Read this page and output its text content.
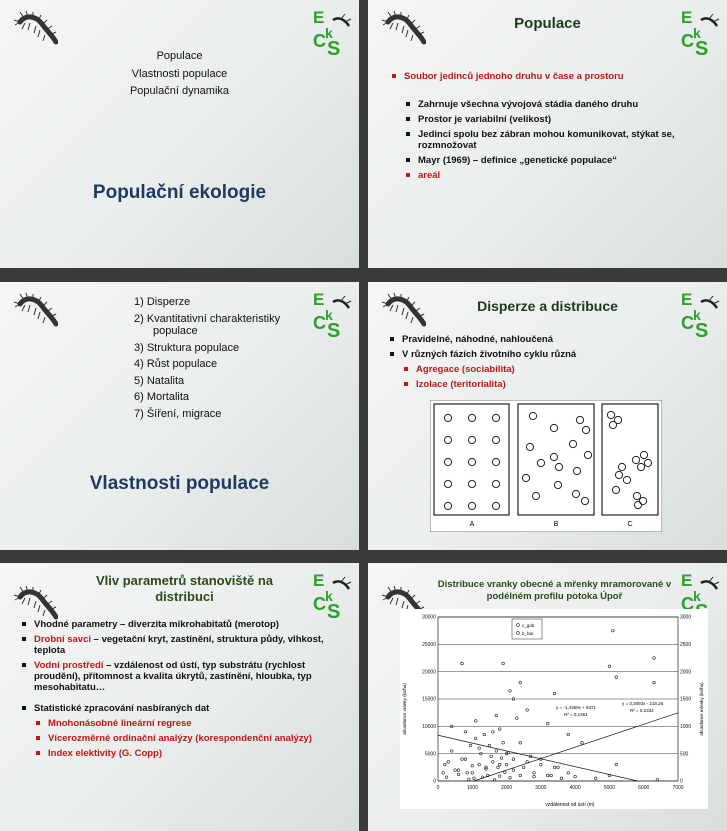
Populace
Vlastnosti populace
Populační dynamika
Populační ekologie
Populace
Soubor jedinců jednoho druhu v čase a prostoru
Zahrnuje všechna vývojová stádia daného druhu
Prostor je variabilní (velikost)
Jedinci spolu bez zábran mohou komunikovat, stýkat se, rozmnožovat
Mayr (1969) – definice „genetické populace“
areál
1) Disperze
2) Kvantitativní charakteristiky populace
3) Struktura populace
4) Růst populace
5) Natalita
6) Mortalita
7) Šíření, migrace
Vlastnosti populace
Disperze a distribuce
Pravidelné, náhodné, nahloučená
V různých fázích životního cyklu různá
Agregace (sociabilita)
Izolace (teritorialita)
A	B	C
Vliv parametrů stanoviště na distribuci
Vhodné parametry – diverzita mikrohabitatů (merotop)
Drobní savci – vegetační kryt, zastínění, struktura půdy, vlhkost, teplota
Vodní prostředí – vzdálenost od ústí, typ substrátu (rychlost proudění), přítomnost a kvalita úkrytů, zastínění, hloubka, typ mesohabitatu…
Statistické zpracování nasbíraných dat
Mnohonásobné lineární regrese
Vícerozměrné ordinační analýzy (korespondenční analýzy)
Index elektivity (G. Copp)
Distribuce vranky obecné a mřenky mramorované v podélném profilu potoka Úpoř
0
5000
10000
15000
20000
25000
30000
0
500
1000
1500
2000
2500
3000
0	1000	2000	3000	4000	5000	6000	7000
c_gob
b_bar
y = -1,4369x + 8371
R² = 0,1351
y = 0,2093x - 218,26
R² = 0,2334
vzdálenost od ústí (m)
abundance vranky (ks/ha)	abundance mřenky (ks/ha)
